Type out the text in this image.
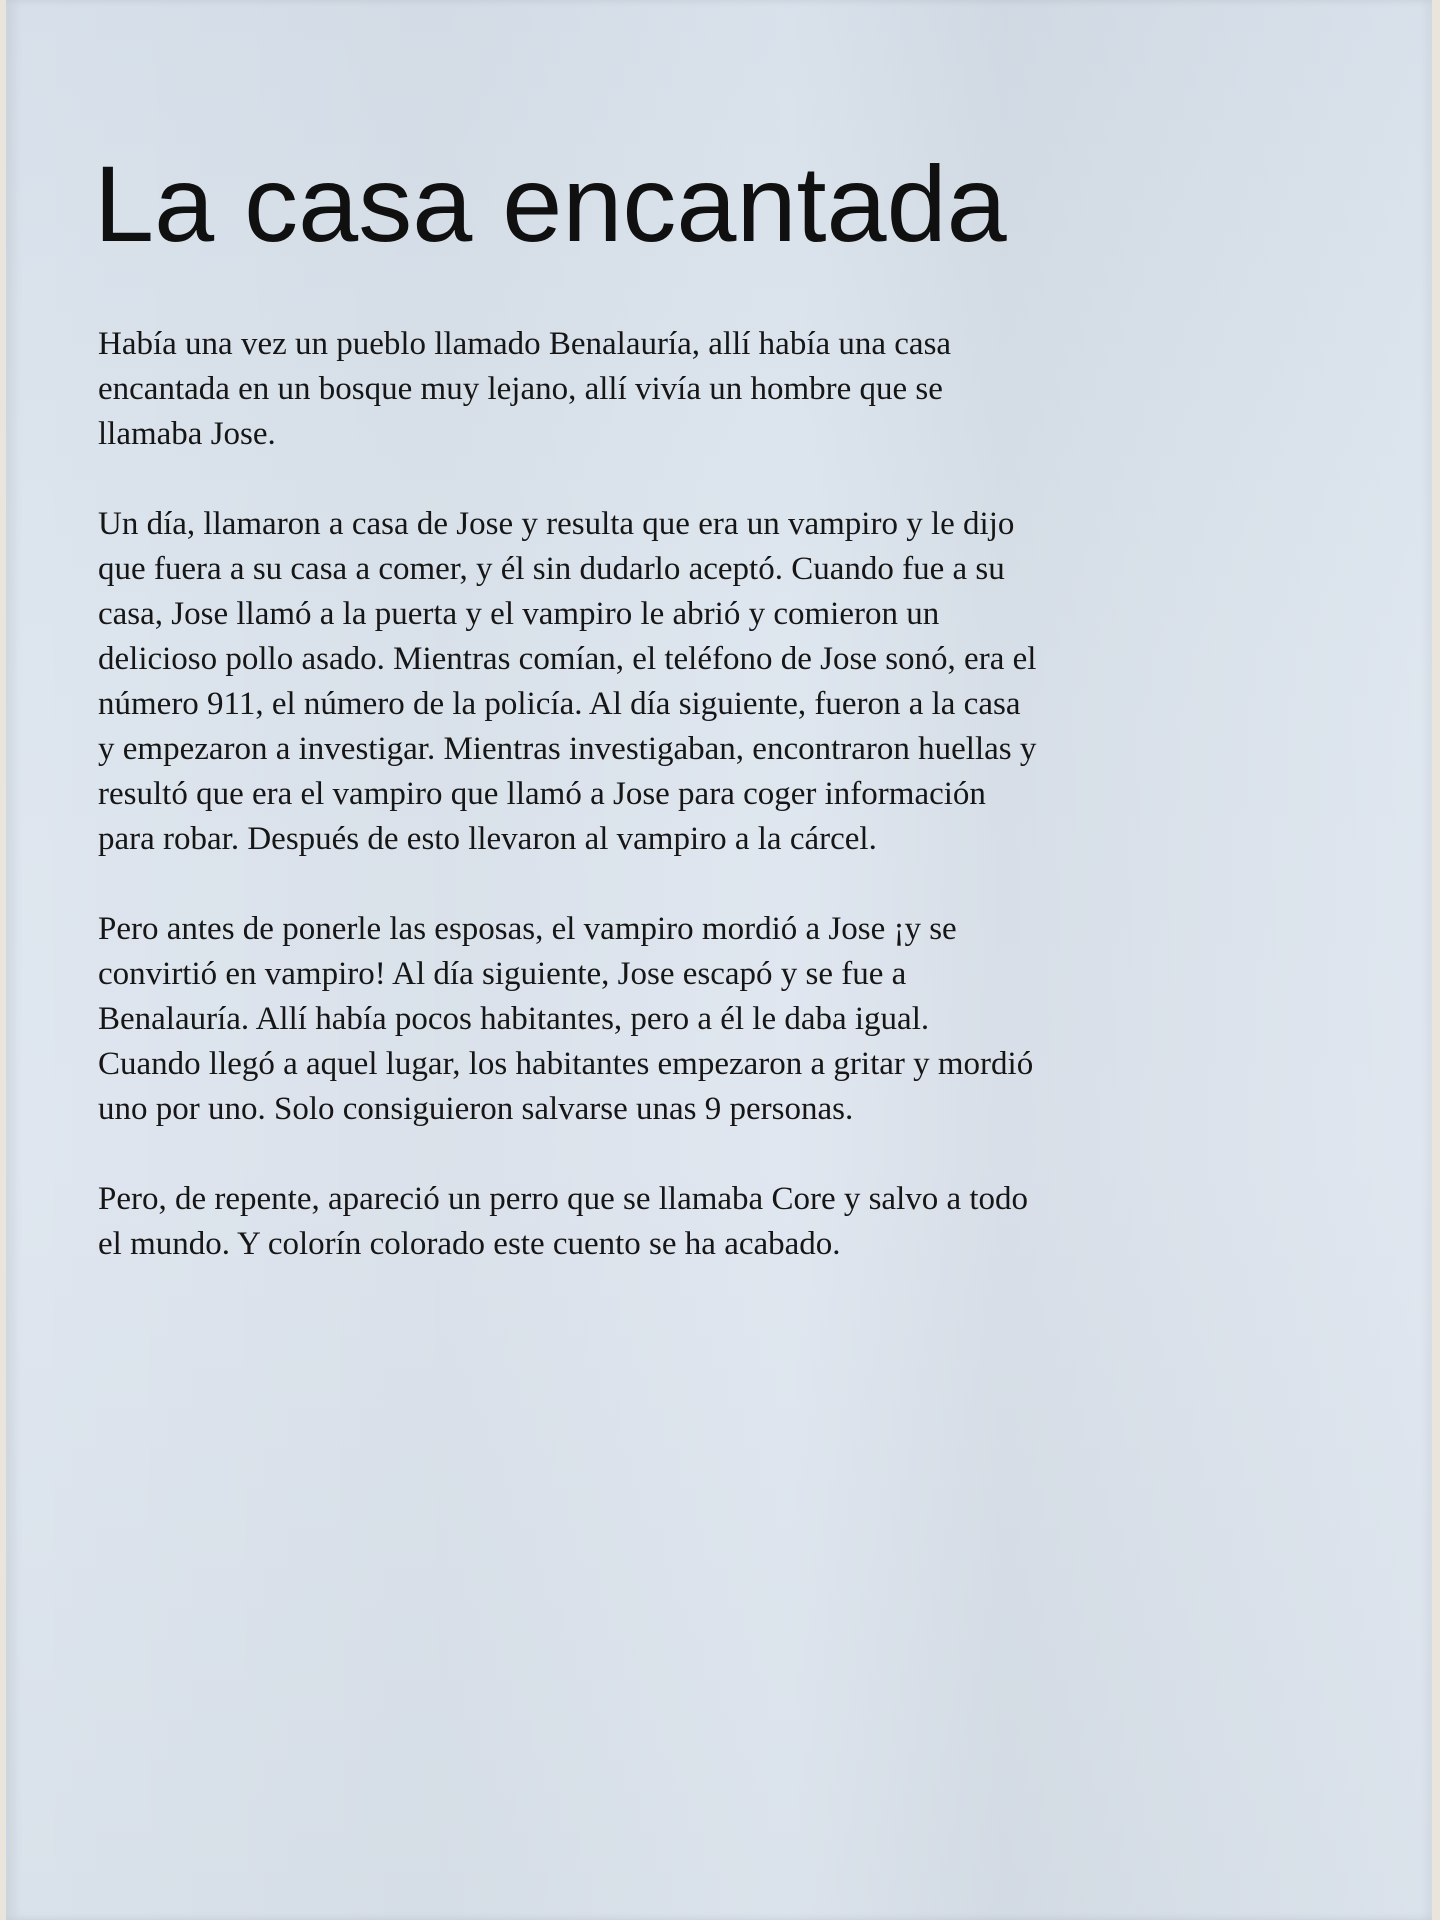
La casa encantada

Había una vez un pueblo llamado Benalauría, allí había una casa
encantada en un bosque muy lejano, allí vivía un hombre que se
llamaba Jose.

Un día, llamaron a casa de Jose y resulta que era un vampiro y le dijo
que fuera a su casa a comer, y él sin dudarlo aceptó. Cuando fue a su
casa, Jose llamó a la puerta y el vampiro le abrió y comieron un
delicioso pollo asado. Mientras comían, el teléfono de Jose sonó, era el
número 911, el número de la policía. Al día siguiente, fueron a la casa
y empezaron a investigar. Mientras investigaban, encontraron huellas y
resultó que era el vampiro que llamó a Jose para coger información
para robar. Después de esto llevaron al vampiro a la cárcel.

Pero antes de ponerle las esposas, el vampiro mordió a Jose ¡y se
convirtió en vampiro! Al día siguiente, Jose escapó y se fue a
Benalauría. Allí había pocos habitantes, pero a él le daba igual.
Cuando llegó a aquel lugar, los habitantes empezaron a gritar y mordió
uno por uno. Solo consiguieron salvarse unas 9 personas.

Pero, de repente, apareció un perro que se llamaba Core y salvo a todo
el mundo. Y colorín colorado este cuento se ha acabado.
